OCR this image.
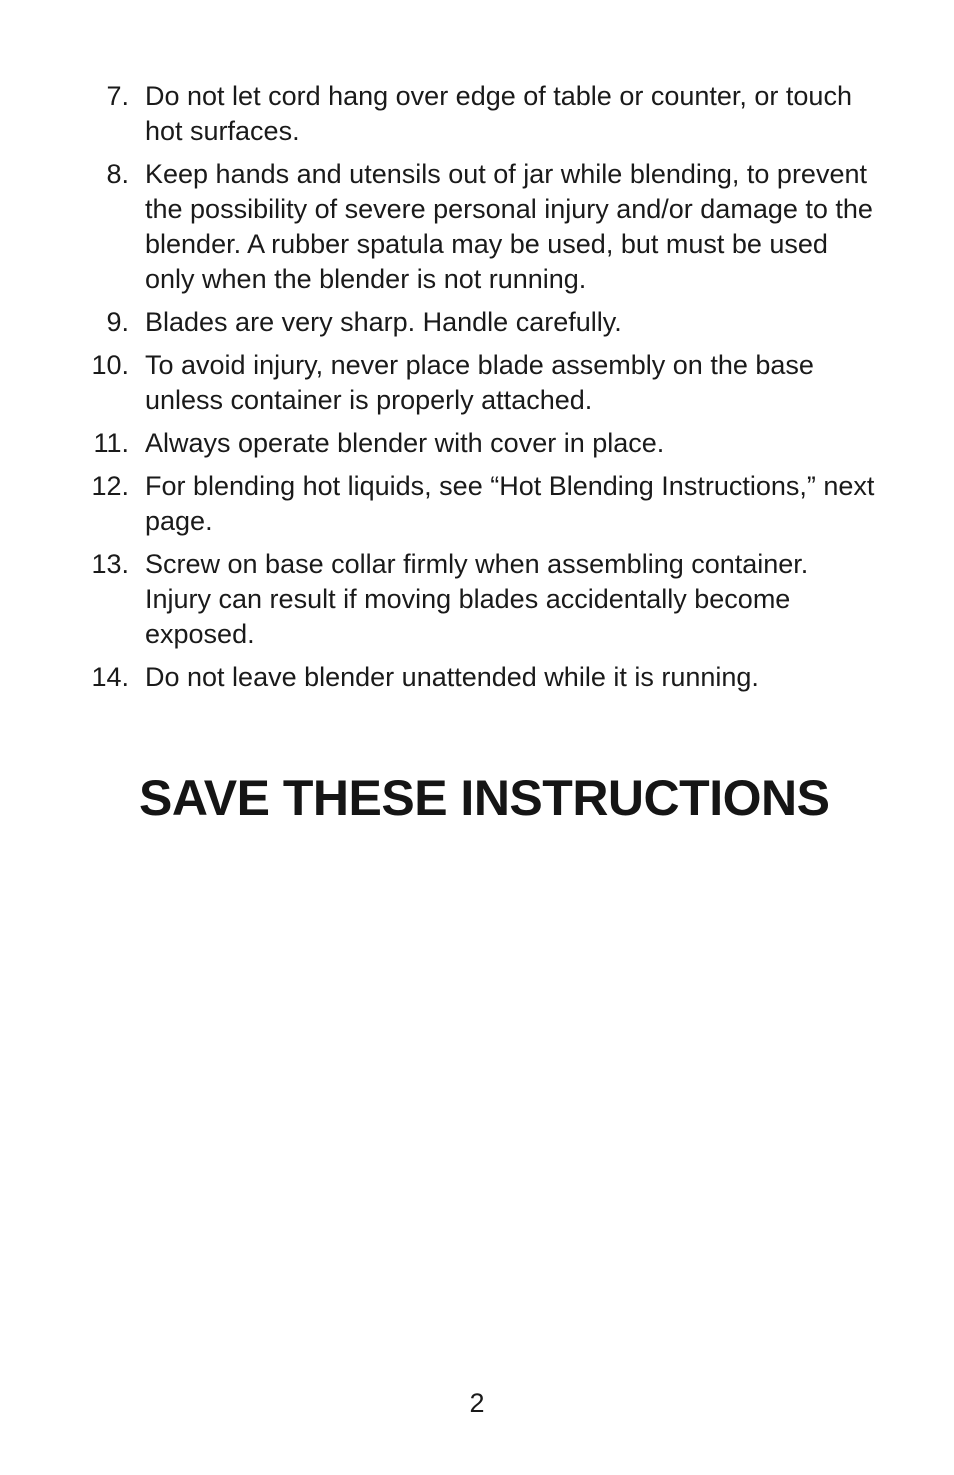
7. Do not let cord hang over edge of table or counter, or touch hot surfaces.
8. Keep hands and utensils out of jar while blending, to prevent the possibility of severe personal injury and/or damage to the blender. A rubber spatula may be used, but must be used only when the blender is not running.
9. Blades are very sharp. Handle carefully.
10. To avoid injury, never place blade assembly on the base unless container is properly attached.
11. Always operate blender with cover in place.
12. For blending hot liquids, see “Hot Blending Instructions,” next page.
13. Screw on base collar firmly when assembling container. Injury can result if moving blades accidentally become exposed.
14. Do not leave blender unattended while it is running.
SAVE THESE INSTRUCTIONS
2
